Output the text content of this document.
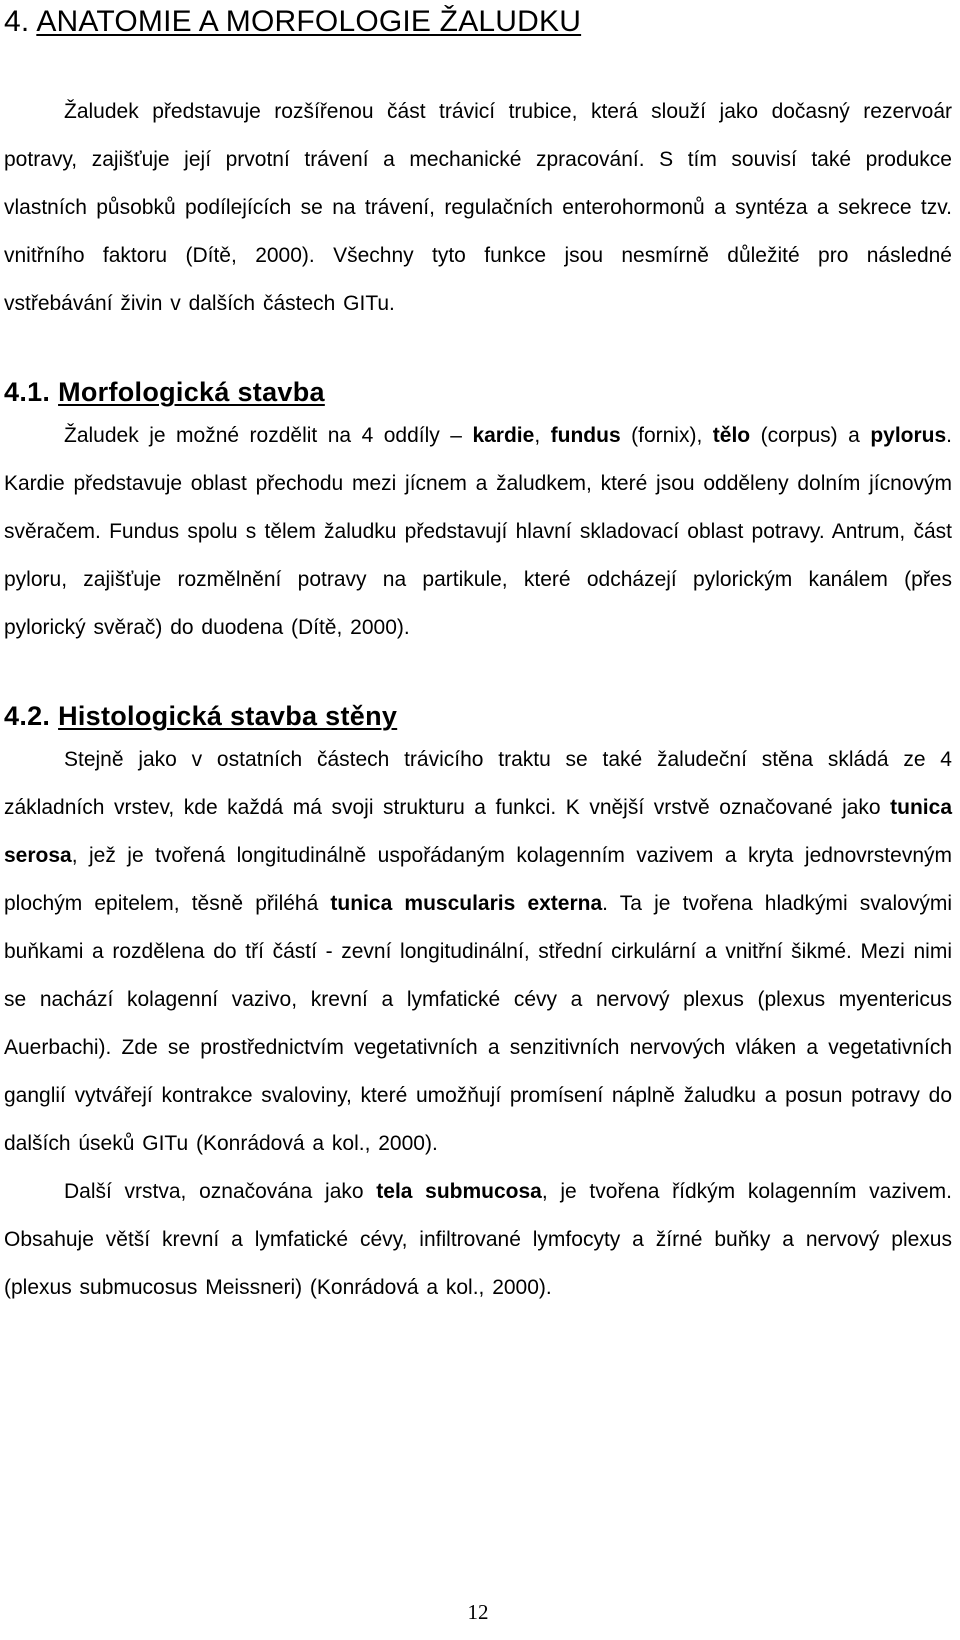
4. ANATOMIE A MORFOLOGIE ŽALUDKU

Žaludek představuje rozšířenou část trávicí trubice, která slouží jako dočasný rezervoár potravy, zajišťuje její prvotní trávení a mechanické zpracování. S tím souvisí také produkce vlastních působků podílejících se na trávení, regulačních enterohormonů a syntéza a sekrece tzv. vnitřního faktoru (Dítě, 2000). Všechny tyto funkce jsou nesmírně důležité pro následné vstřebávání živin v dalších částech GITu.

4.1. Morfologická stavba

Žaludek je možné rozdělit na 4 oddíly – kardie, fundus (fornix), tělo (corpus) a pylorus. Kardie představuje oblast přechodu mezi jícnem a žaludkem, které jsou odděleny dolním jícnovým svěračem. Fundus spolu s tělem žaludku představují hlavní skladovací oblast potravy. Antrum, část pyloru, zajišťuje rozmělnění potravy na partikule, které odcházejí pylorickým kanálem (přes pylorický svěrač) do duodena (Dítě, 2000).

4.2. Histologická stavba stěny

Stejně jako v ostatních částech trávicího traktu se také žaludeční stěna skládá ze 4 základních vrstev, kde každá má svoji strukturu a funkci. K vnější vrstvě označované jako tunica serosa, jež je tvořená longitudinálně uspořádaným kolagenním vazivem a kryta jednovrstevným plochým epitelem, těsně přiléhá tunica muscularis externa. Ta je tvořena hladkými svalovými buňkami a rozdělena do tří částí - zevní longitudinální, střední cirkulární a vnitřní šikmé. Mezi nimi se nachází kolagenní vazivo, krevní a lymfatické cévy a nervový plexus (plexus myentericus Auerbachi). Zde se prostřednictvím vegetativních a senzitivních nervových vláken a vegetativních ganglií vytvářejí kontrakce svaloviny, které umožňují promísení náplně žaludku a posun potravy do dalších úseků GITu (Konrádová a kol., 2000).

Další vrstva, označována jako tela submucosa, je tvořena řídkým kolagenním vazivem. Obsahuje větší krevní a lymfatické cévy, infiltrované lymfocyty a žírné buňky a nervový plexus (plexus submucosus Meissneri) (Konrádová a kol., 2000).

12
